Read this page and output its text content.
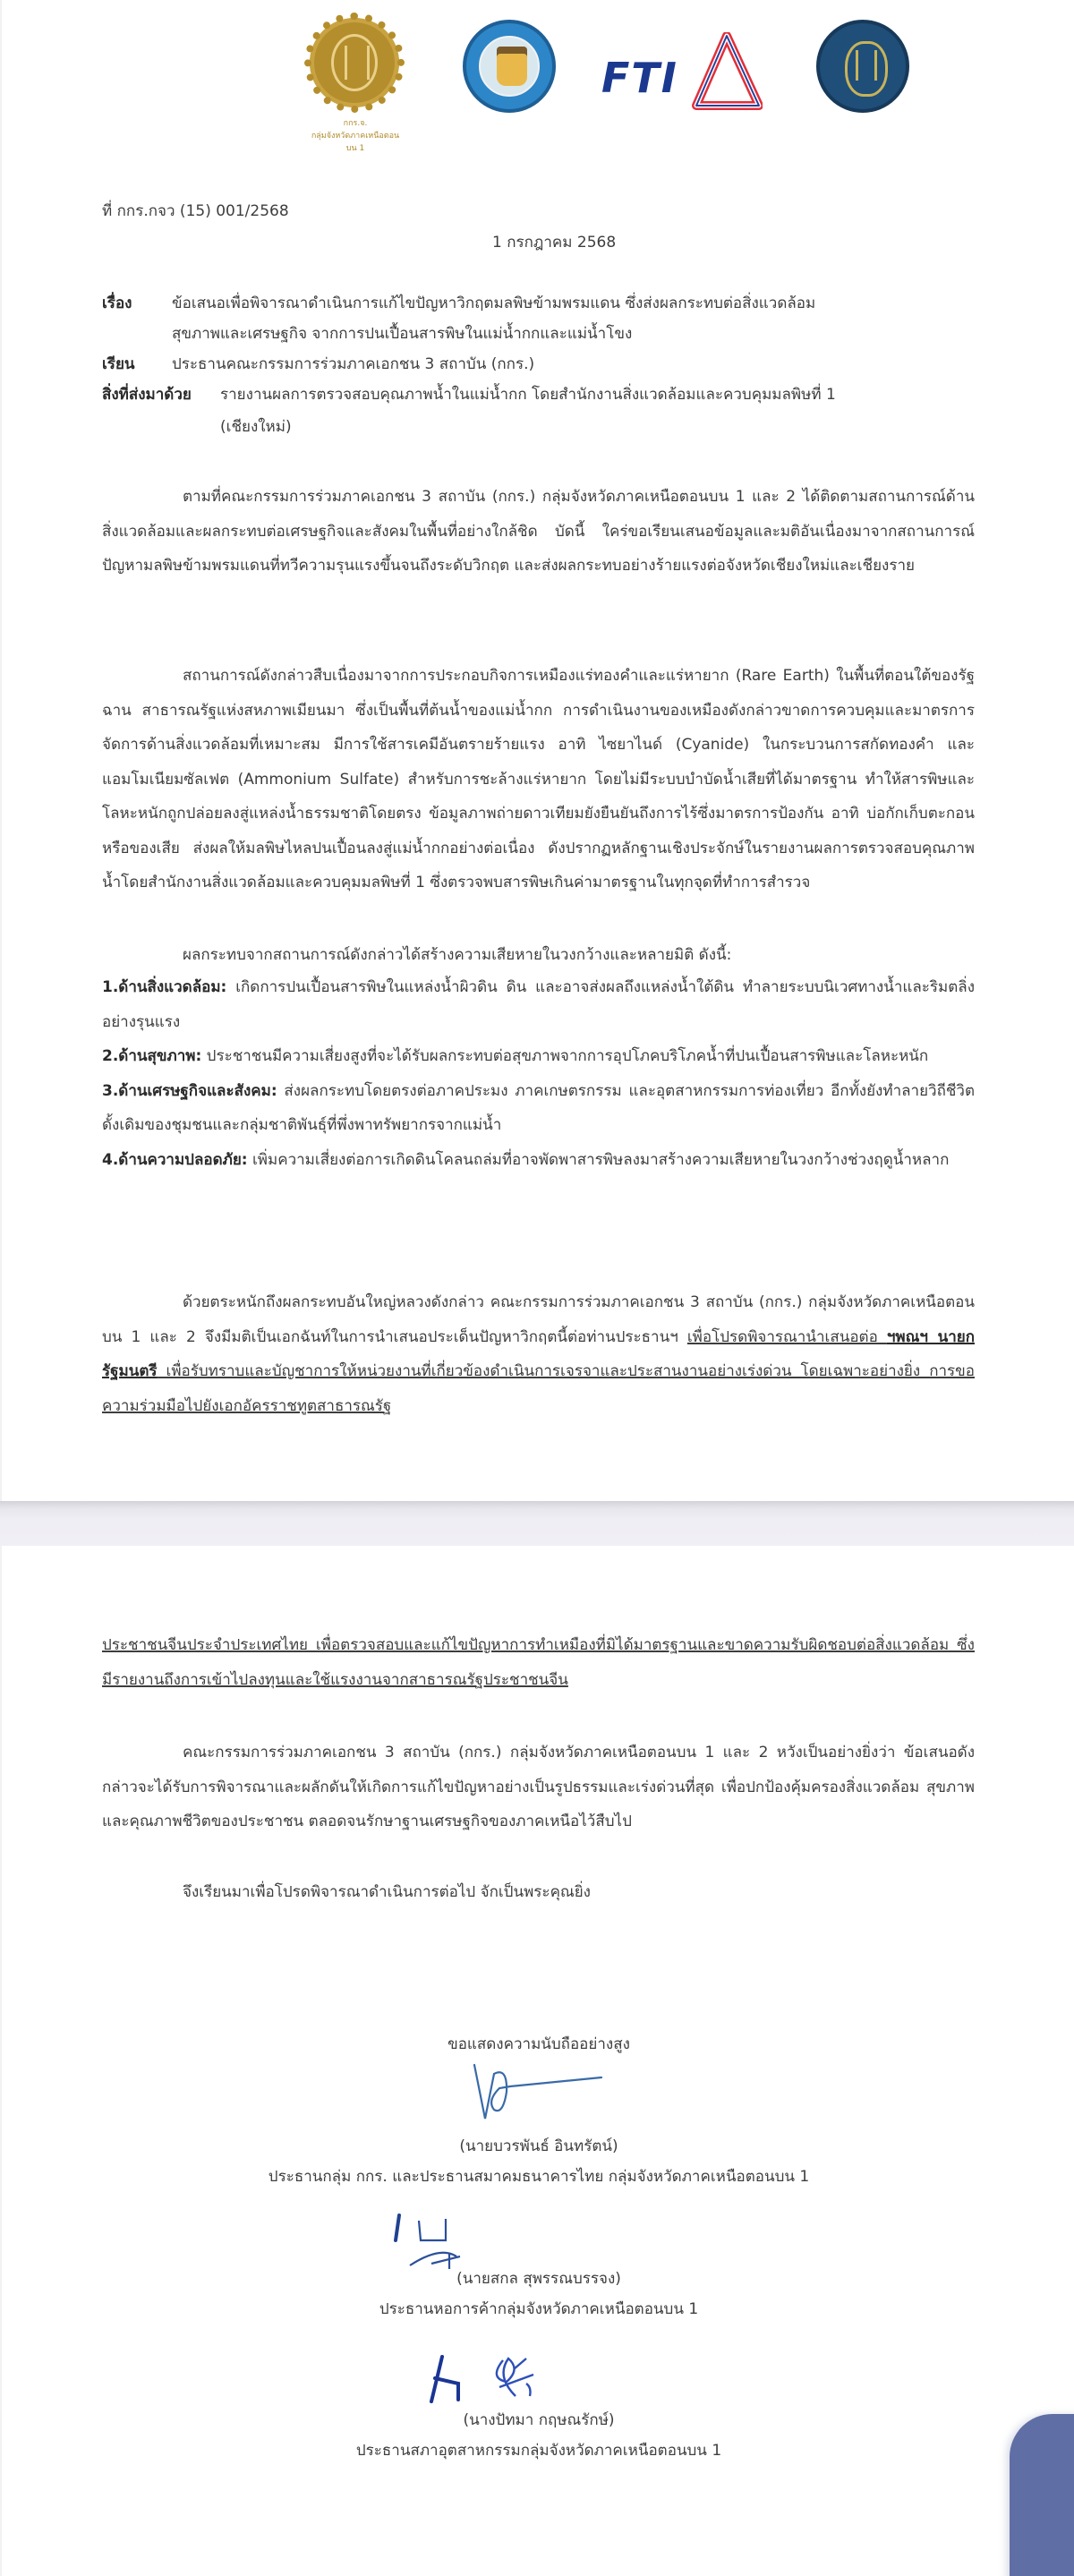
กกร.จ.
กลุ่มจังหวัดภาคเหนือตอนบน 1
FTI
ที่ กกร.กจว (15) 001/2568
1 กรกฎาคม 2568
เรื่อง	ข้อเสนอเพื่อพิจารณาดำเนินการแก้ไขปัญหาวิกฤตมลพิษข้ามพรมแดน ซึ่งส่งผลกระทบต่อสิ่งแวดล้อม
สุขภาพและเศรษฐกิจ จากการปนเปื้อนสารพิษในแม่น้ำกกและแม่น้ำโขง
เรียน ประธานคณะกรรมการร่วมภาคเอกชน 3 สถาบัน (กกร.)
สิ่งที่ส่งมาด้วย รายงานผลการตรวจสอบคุณภาพน้ำในแม่น้ำกก โดยสำนักงานสิ่งแวดล้อมและควบคุมมลพิษที่ 1
(เชียงใหม่)
ตามที่คณะกรรมการร่วมภาคเอกชน 3 สถาบัน (กกร.) กลุ่มจังหวัดภาคเหนือตอนบน 1 และ 2 ได้ติดตามสถานการณ์ด้านสิ่งแวดล้อมและผลกระทบต่อเศรษฐกิจและสังคมในพื้นที่อย่างใกล้ชิด บัดนี้ ใคร่ขอเรียนเสนอข้อมูลและมติอันเนื่องมาจากสถานการณ์ปัญหามลพิษข้ามพรมแดนที่ทวีความรุนแรงขึ้นจนถึงระดับวิกฤต และส่งผลกระทบอย่างร้ายแรงต่อจังหวัดเชียงใหม่และเชียงราย
สถานการณ์ดังกล่าวสืบเนื่องมาจากการประกอบกิจการเหมืองแร่ทองคำและแร่หายาก (Rare Earth) ในพื้นที่ตอนใต้ของรัฐฉาน สาธารณรัฐแห่งสหภาพเมียนมา ซึ่งเป็นพื้นที่ต้นน้ำของแม่น้ำกก การดำเนินงานของเหมืองดังกล่าวขาดการควบคุมและมาตรการจัดการด้านสิ่งแวดล้อมที่เหมาะสม มีการใช้สารเคมีอันตรายร้ายแรง อาทิ ไซยาไนด์ (Cyanide) ในกระบวนการสกัดทองคำ และแอมโมเนียมซัลเฟต (Ammonium Sulfate) สำหรับการชะล้างแร่หายาก โดยไม่มีระบบบำบัดน้ำเสียที่ได้มาตรฐาน ทำให้สารพิษและโลหะหนักถูกปล่อยลงสู่แหล่งน้ำธรรมชาติโดยตรง ข้อมูลภาพถ่ายดาวเทียมยังยืนยันถึงการไร้ซึ่งมาตรการป้องกัน อาทิ บ่อกักเก็บตะกอนหรือของเสีย ส่งผลให้มลพิษไหลปนเปื้อนลงสู่แม่น้ำกกอย่างต่อเนื่อง ดังปรากฏหลักฐานเชิงประจักษ์ในรายงานผลการตรวจสอบคุณภาพน้ำโดยสำนักงานสิ่งแวดล้อมและควบคุมมลพิษที่ 1 ซึ่งตรวจพบสารพิษเกินค่ามาตรฐานในทุกจุดที่ทำการสำรวจ
ผลกระทบจากสถานการณ์ดังกล่าวได้สร้างความเสียหายในวงกว้างและหลายมิติ ดังนี้:
1.ด้านสิ่งแวดล้อม: เกิดการปนเปื้อนสารพิษในแหล่งน้ำผิวดิน ดิน และอาจส่งผลถึงแหล่งน้ำใต้ดิน ทำลายระบบนิเวศทางน้ำและริมตลิ่งอย่างรุนแรง
2.ด้านสุขภาพ: ประชาชนมีความเสี่ยงสูงที่จะได้รับผลกระทบต่อสุขภาพจากการอุปโภคบริโภคน้ำที่ปนเปื้อนสารพิษและโลหะหนัก
3.ด้านเศรษฐกิจและสังคม: ส่งผลกระทบโดยตรงต่อภาคประมง ภาคเกษตรกรรม และอุตสาหกรรมการท่องเที่ยว อีกทั้งยังทำลายวิถีชีวิตดั้งเดิมของชุมชนและกลุ่มชาติพันธุ์ที่พึ่งพาทรัพยากรจากแม่น้ำ
4.ด้านความปลอดภัย: เพิ่มความเสี่ยงต่อการเกิดดินโคลนถล่มที่อาจพัดพาสารพิษลงมาสร้างความเสียหายในวงกว้างช่วงฤดูน้ำหลาก
ด้วยตระหนักถึงผลกระทบอันใหญ่หลวงดังกล่าว คณะกรรมการร่วมภาคเอกชน 3 สถาบัน (กกร.) กลุ่มจังหวัดภาคเหนือตอนบน 1 และ 2 จึงมีมติเป็นเอกฉันท์ในการนำเสนอประเด็นปัญหาวิกฤตนี้ต่อท่านประธานฯ เพื่อโปรดพิจารณานำเสนอต่อ ฯพณฯ นายกรัฐมนตรี เพื่อรับทราบและบัญชาการให้หน่วยงานที่เกี่ยวข้องดำเนินการเจรจาและประสานงานอย่างเร่งด่วน โดยเฉพาะอย่างยิ่ง การขอความร่วมมือไปยังเอกอัครราชทูตสาธารณรัฐ
ประชาชนจีนประจำประเทศไทย เพื่อตรวจสอบและแก้ไขปัญหาการทำเหมืองที่มิได้มาตรฐานและขาดความรับผิดชอบต่อสิ่งแวดล้อม ซึ่งมีรายงานถึงการเข้าไปลงทุนและใช้แรงงานจากสาธารณรัฐประชาชนจีน
คณะกรรมการร่วมภาคเอกชน 3 สถาบัน (กกร.) กลุ่มจังหวัดภาคเหนือตอนบน 1 และ 2 หวังเป็นอย่างยิ่งว่า ข้อเสนอดังกล่าวจะได้รับการพิจารณาและผลักดันให้เกิดการแก้ไขปัญหาอย่างเป็นรูปธรรมและเร่งด่วนที่สุด เพื่อปกป้องคุ้มครองสิ่งแวดล้อม สุขภาพ และคุณภาพชีวิตของประชาชน ตลอดจนรักษาฐานเศรษฐกิจของภาคเหนือไว้สืบไป
จึงเรียนมาเพื่อโปรดพิจารณาดำเนินการต่อไป จักเป็นพระคุณยิ่ง
ขอแสดงความนับถืออย่างสูง
(นายบวรพันธ์ อินทรัตน์)
ประธานกลุ่ม กกร. และประธานสมาคมธนาคารไทย กลุ่มจังหวัดภาคเหนือตอนบน 1
(นายสกล สุพรรณบรรจง)
ประธานหอการค้ากลุ่มจังหวัดภาคเหนือตอนบน 1
(นางปัทมา กฤษณรักษ์)
ประธานสภาอุตสาหกรรมกลุ่มจังหวัดภาคเหนือตอนบน 1
